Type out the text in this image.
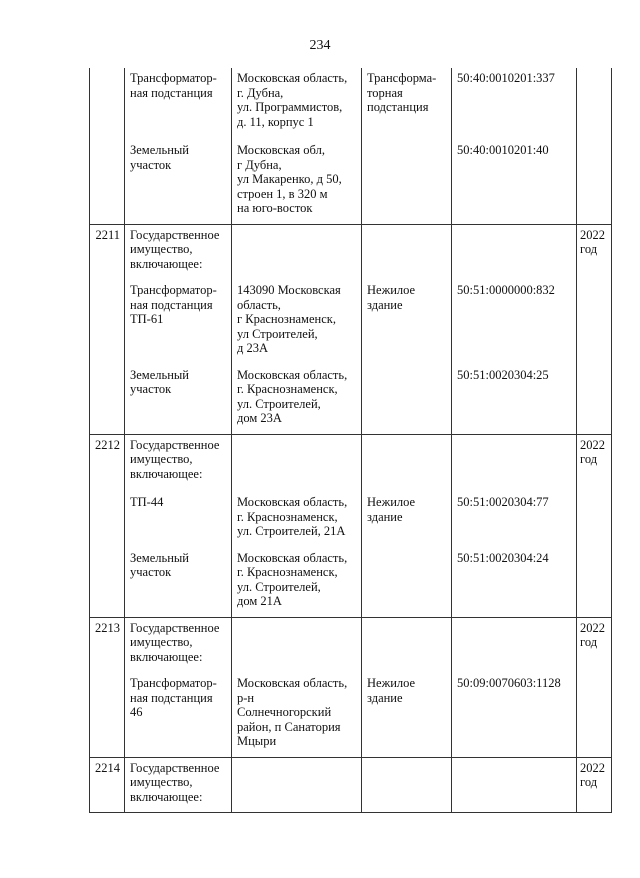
234

	Трансформатор-
ная подстанция	Московская область,
г. Дубна,
ул. Программистов,
д. 11, корпус 1	Трансформа-
торная
подстанция	50:40:0010201:337	

	Земельный
участок	Московская обл,
г Дубна,
ул Макаренко, д 50,
строен 1, в 320 м
на юго-восток		50:40:0010201:40	
2211	Государственное
имущество,
включающее:				2022
год

	Трансформатор-
ная подстанция
ТП-61	143090 Московская
область,
г Краснознаменск,
ул Строителей,
д 23А	Нежилое
здание	50:51:0000000:832	

	Земельный
участок	Московская область,
г. Краснознаменск,
ул. Строителей,
дом 23А		50:51:0020304:25	
2212	Государственное
имущество,
включающее:				2022
год

	ТП-44	Московская область,
г. Краснознаменск,
ул. Строителей, 21А	Нежилое
здание	50:51:0020304:77	

	Земельный
участок	Московская область,
г. Краснознаменск,
ул. Строителей,
дом 21А		50:51:0020304:24	
2213	Государственное
имущество,
включающее:				2022
год

	Трансформатор-
ная подстанция
46	Московская область,
р-н
Солнечногорский
район, п Санатория
Мцыри	Нежилое
здание	50:09:0070603:1128	
2214	Государственное
имущество,
включающее:				2022
год
